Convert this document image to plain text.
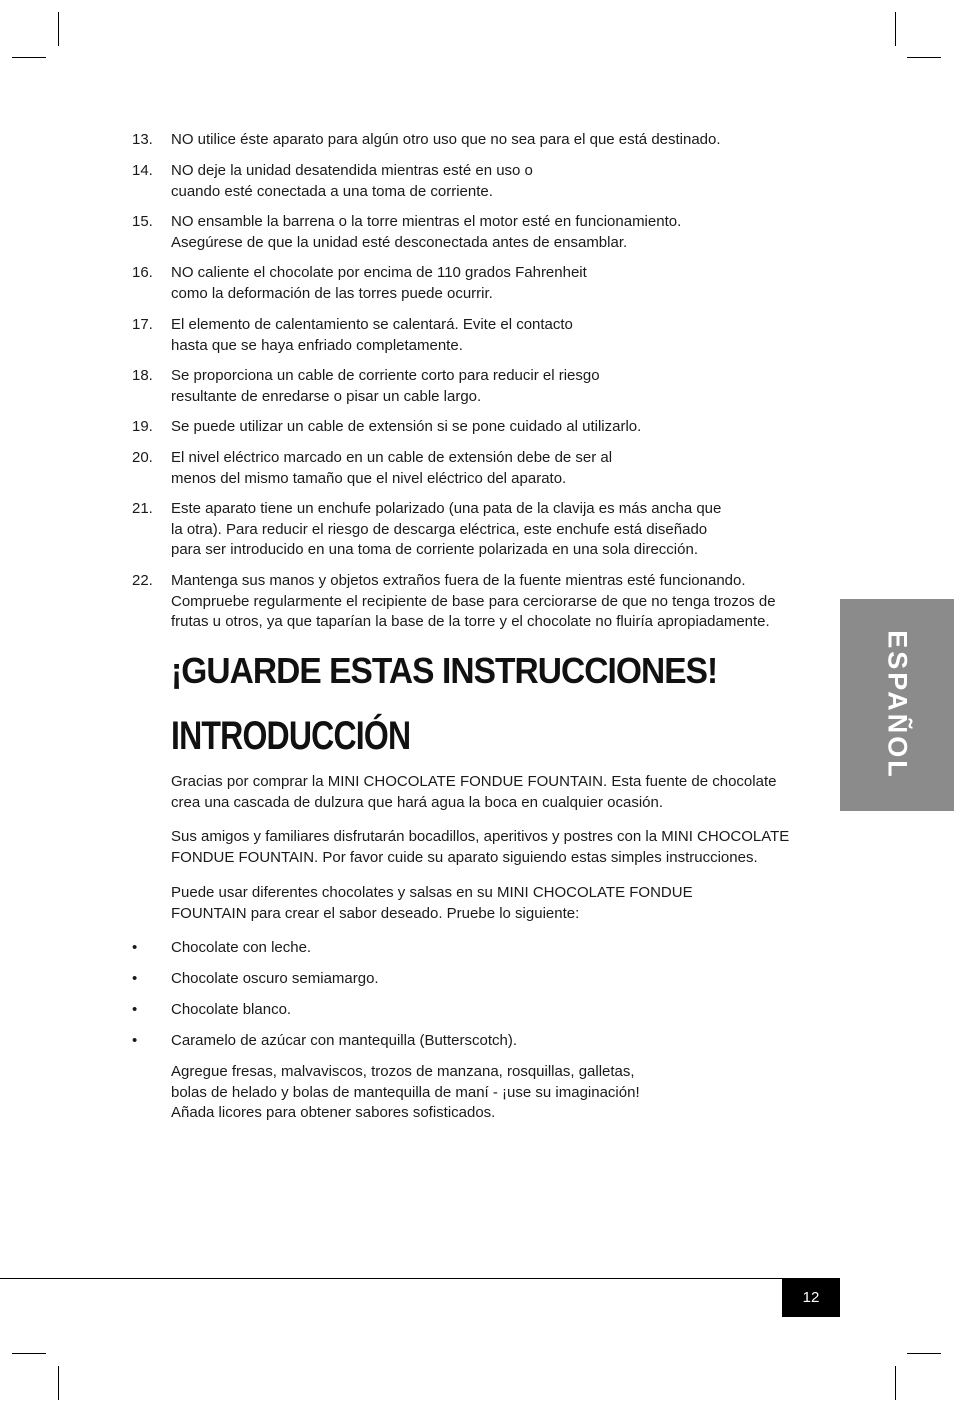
13.	NO utilice éste aparato para algún otro uso que no sea para el que está destinado.
14.	NO deje la unidad desatendida mientras esté en uso o
cuando esté conectada a una toma de corriente.
15.	NO ensamble la barrena o la torre mientras el motor esté en funcionamiento.
Asegúrese de que la unidad esté desconectada antes de ensamblar.
16.	NO caliente el chocolate por encima de 110 grados Fahrenheit
como la deformación de las torres puede ocurrir.
17.	El elemento de calentamiento se calentará. Evite el contacto
hasta que se haya enfriado completamente.
18.	Se proporciona un cable de corriente corto para reducir el riesgo
resultante de enredarse o pisar un cable largo.
19.	Se puede utilizar un cable de extensión si se pone cuidado al utilizarlo.
20.	El nivel eléctrico marcado en un cable de extensión debe de ser al
menos del mismo tamaño que el nivel eléctrico del aparato.
21.	Este aparato tiene un enchufe polarizado (una pata de la clavija es más ancha que
la otra). Para reducir el riesgo de descarga eléctrica, este enchufe está diseñado
para ser introducido en una toma de corriente polarizada en una sola dirección.
22.	Mantenga sus manos y objetos extraños fuera de la fuente mientras esté funcionando.
Compruebe regularmente el recipiente de base para cerciorarse de que no tenga trozos de
frutas u otros, ya que taparían la base de la torre y el chocolate no fluiría apropiadamente.
¡GUARDE ESTAS INSTRUCCIONES!
INTRODUCCIÓN
Gracias por comprar la MINI CHOCOLATE FONDUE FOUNTAIN. Esta fuente de chocolate
crea una cascada de dulzura que hará agua la boca en cualquier ocasión.
Sus amigos y familiares disfrutarán bocadillos, aperitivos y postres con la MINI CHOCOLATE
FONDUE FOUNTAIN. Por favor cuide su aparato siguiendo estas simples instrucciones.
Puede usar diferentes chocolates y salsas en su MINI CHOCOLATE FONDUE
FOUNTAIN para crear el sabor deseado. Pruebe lo siguiente:
• Chocolate con leche.
• Chocolate oscuro semiamargo.
• Chocolate blanco.
• Caramelo de azúcar con mantequilla (Butterscotch).
Agregue fresas, malvaviscos, trozos de manzana, rosquillas, galletas,
bolas de helado y bolas de mantequilla de maní - ¡use su imaginación!
Añada licores para obtener sabores sofisticados.
ESPAÑOL
12
